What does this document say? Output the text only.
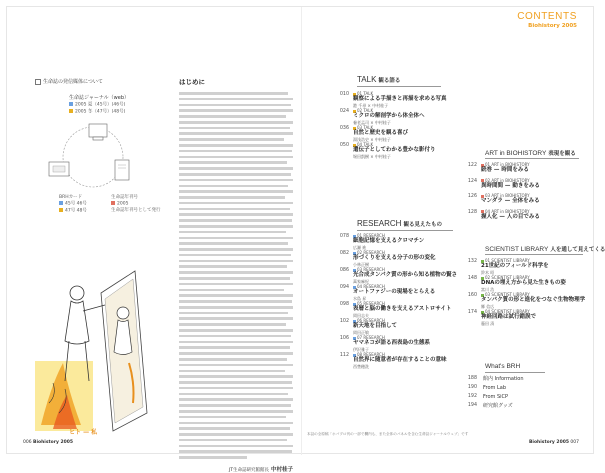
生命誌の発信媒体について
生命誌ジャーナル（web）
2005 夏（45号）(46号)
2005 冬（47号）(48号)
BRHカード
45号 46号
47号 48号
生命誌年刊号
2005
生命誌年刊号として発行
はじめに
JT生命誌研究館館長 中村桂子
ヒト — 私
006 Biohistory 2005
CONTENTS
Biohistory 2005
TALK 観る語る
010	01 TALK
観察による手描きと再描を求める写真
港 千尋 × 中村桂子
024	02 TALK
ミクロの解剖学から体全体へ
養老孟司 × 中村桂子
036	03 TALK
自然と歴史を観る喜び
湯浅浩史 × 中村桂子
050	04 TALK
遺伝子としてわかる豊かな影付り
堀田凱樹 × 中村桂子
RESEARCH 観る見えたもの
078	01 RESEARCH
細胞記憶を支えるクロマチン
広瀬 進
082	02 RESEARCH
形づくりを支える分子の形の変化
小林正樹
086	03 RESEARCH
光合成タンパク質の形から知る植物の賢さ
萬家麻紀
094	04 RESEARCH
オートファジーの現場をとらえる
水島 昇
098	05 RESEARCH
表層と脳の働きを支えるアストロサイト
岡田志夫
102	06 RESEARCH
新天地を目指して
岡田正敏
106	07 RESEARCH
ヤマネコが語る西表島の生態系
伊沢雅子
112	08 RESEARCH
自然界に随意者が存在することの意味
西埜穂洗
ART in BIOHISTORY 表現を観る
122	01 ART in BIOHISTORY
続巻 — 時間をみる
124	02 ART in BIOHISTORY
異時間間 — 動きをみる
126	03 ART in BIOHISTORY
マンダラ — 全体をみる
128	04 ART in BIOHISTORY
握人化 — 人の目でみる
SCIENTIST LIBRARY 人を通して見えてくる
132	01 SCIENTIST LIBRARY
21世紀のフィールド科学を
鈴木 昭
148	02 SCIENTIST LIBRARY
DNAの埋え方から見た生きもの姿
富川 浩
160	03 SCIENTIST LIBRARY
タンパク質の形と進化をつなぐ生物物理学
郷 信広
174	04 SCIENTIST LIBRARY
神経回路は試行錯誤で
藤田 清
What's BRH
188 館内 Information
190 From Lab
192 From SiCP
194 研究館グッズ
本誌の全原稿「ホバプロ刊の一部で欄内も、また全体のパネルを含む生命誌ジャーナルウェブ」です
Biohistory 2005 007
